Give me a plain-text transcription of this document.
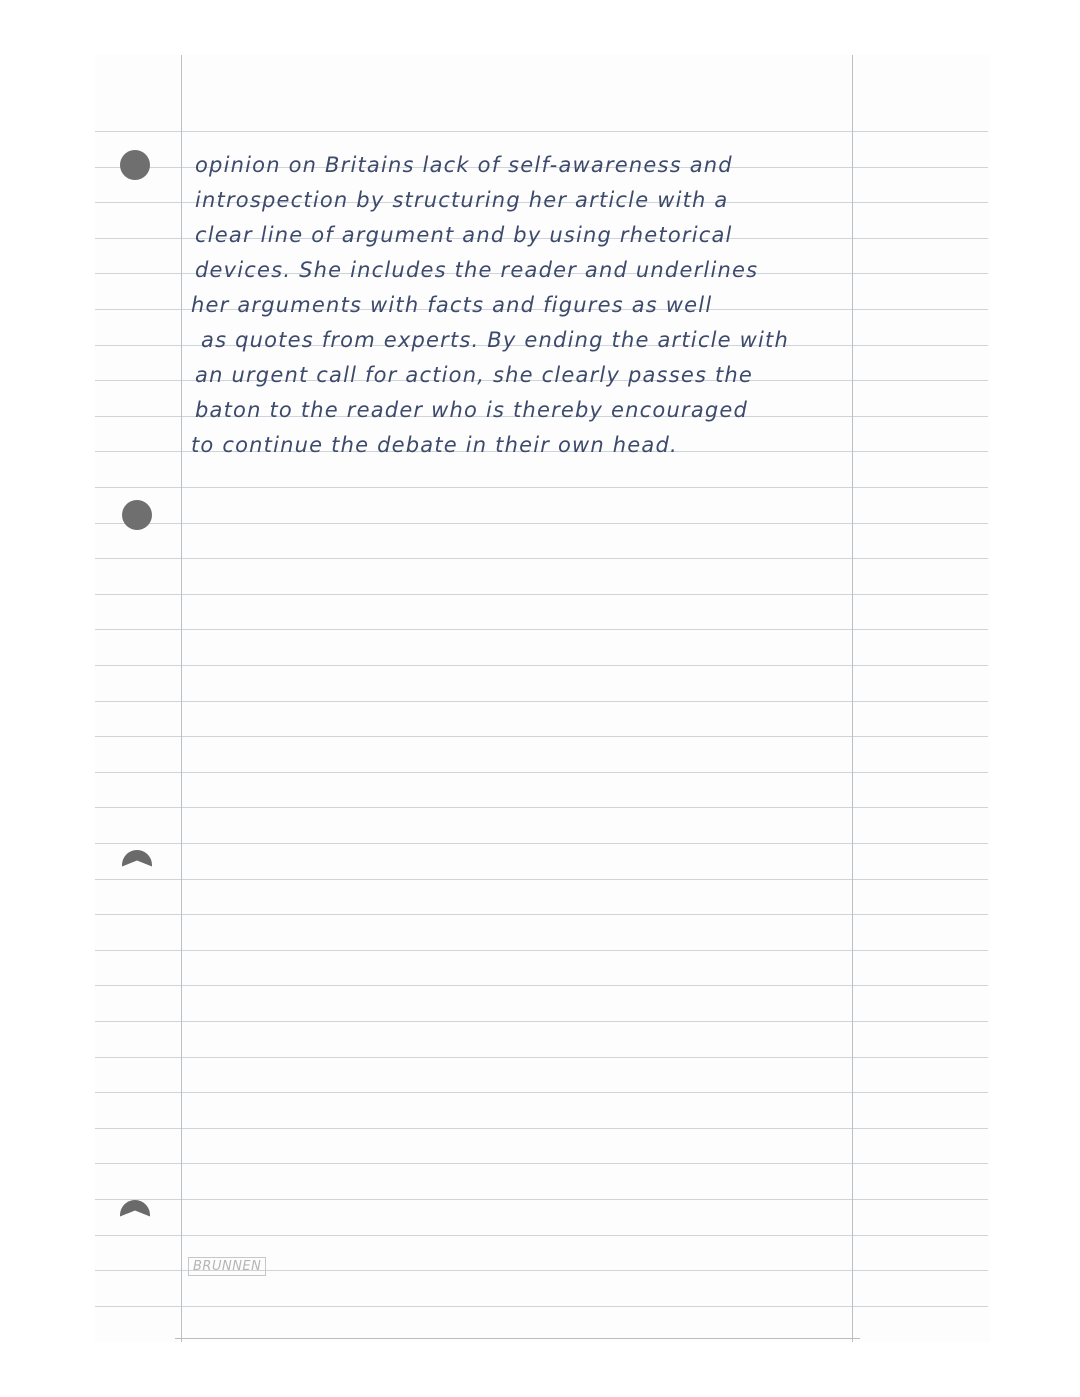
opinion on Britains lack of self-awareness and
introspection by structuring her article with a
clear line of argument and by using rhetorical
devices. She includes the reader and underlines
her arguments with facts and figures as well
as quotes from experts. By ending the article with
an urgent call for action, she clearly passes the
baton to the reader who is thereby encouraged
to continue the debate in their own head.
BRUNNEN
